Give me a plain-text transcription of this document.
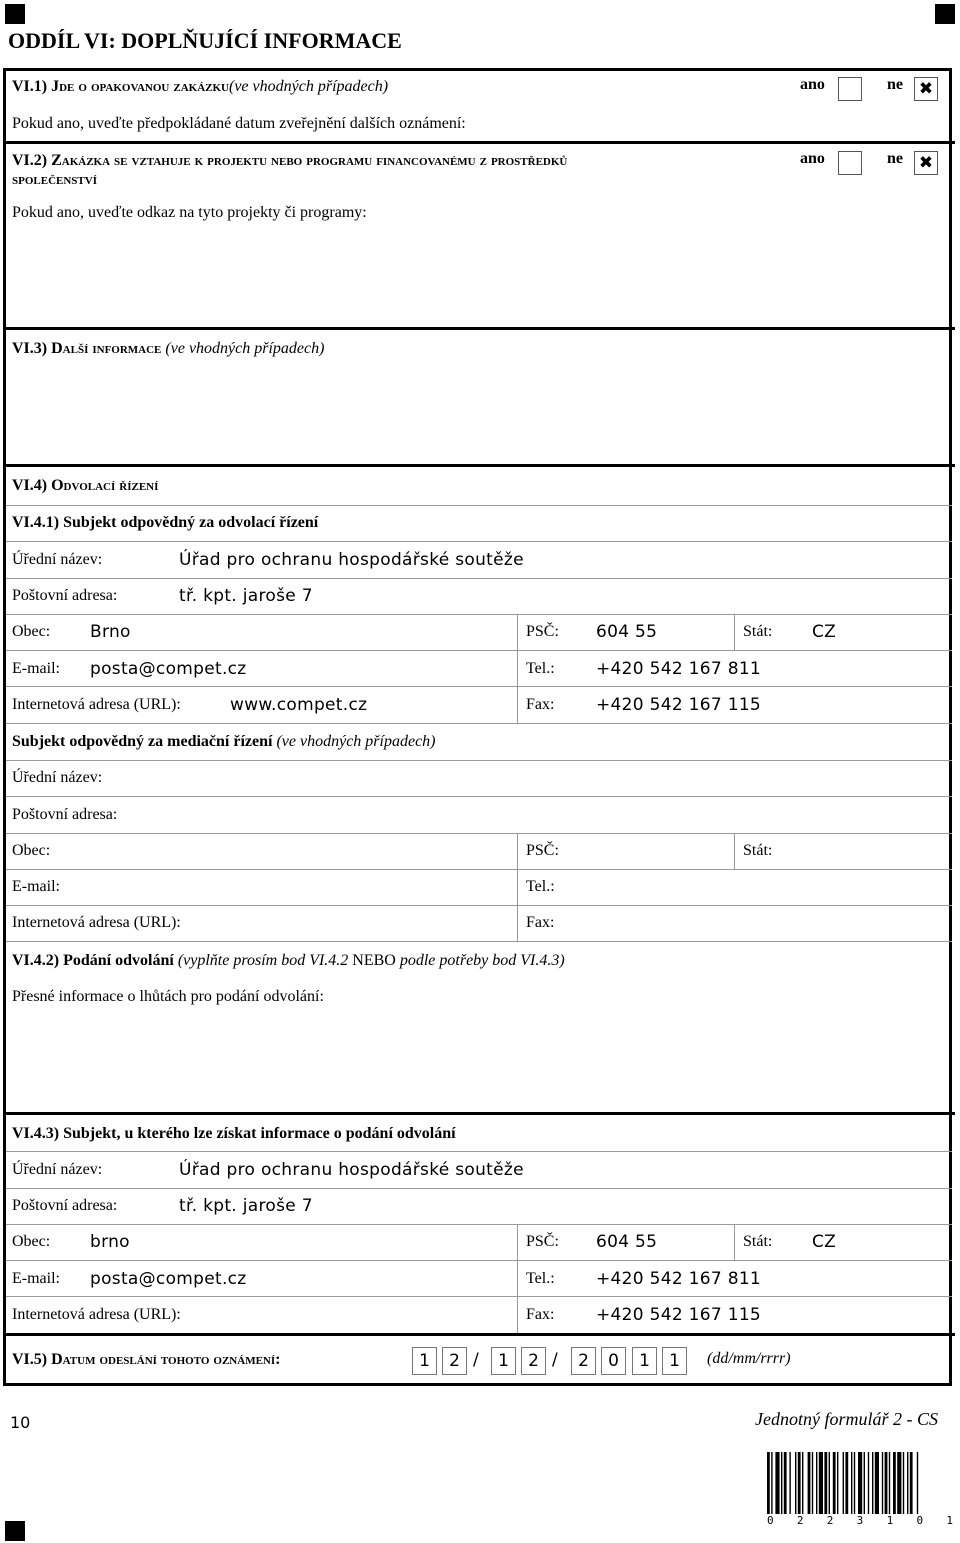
ODDÍL VI: DOPLŇUJÍCÍ INFORMACE
VI.1) Jde o opakovanou zakázku(ve vhodných případech)	ano	ne ✖
Pokud ano, uveďte předpokládané datum zveřejnění dalších oznámení:
VI.2) Zakázka se vztahuje k projektu nebo programu financovanému z prostředků
společenství
ano	ne ✖
Pokud ano, uveďte odkaz na tyto projekty či programy:
VI.3) Další informace (ve vhodných případech)
VI.4) Odvolací řízení
VI.4.1) Subjekt odpovědný za odvolací řízení
Úřední název:	Úřad pro ochranu hospodářské soutěže
Poštovní adresa:	tř. kpt. jaroše 7
Obec: Brno	PSČ: 604 55	Stát: CZ
E-mail: posta@compet.cz	Tel.: +420 542 167 811
Internetová adresa (URL):	www.compet.cz	Fax: +420 542 167 115
Subjekt odpovědný za mediační řízení (ve vhodných případech)
Úřední název:
Poštovní adresa:
Obec:	PSČ:	Stát:
E-mail:	Tel.:
Internetová adresa (URL):	Fax:
VI.4.2) Podání odvolání (vyplňte prosím bod VI.4.2 NEBO podle potřeby bod VI.4.3)
Přesné informace o lhůtách pro podání odvolání:
VI.4.3) Subjekt, u kterého lze získat informace o podání odvolání
Úřední název:	Úřad pro ochranu hospodářské soutěže
Poštovní adresa:	tř. kpt. jaroše 7
Obec: brno	PSČ: 604 55	Stát: CZ
E-mail: posta@compet.cz	Tel.: +420 542 167 811
Internetová adresa (URL):	Fax: +420 542 167 115
VI.5) Datum odeslání tohoto oznámení:	1	2 /	1	2 /	2	0	1	1	(dd/mm/rrrr)
10	Jednotný formulář 2 - CS
0 2 2 3 1 0 1
